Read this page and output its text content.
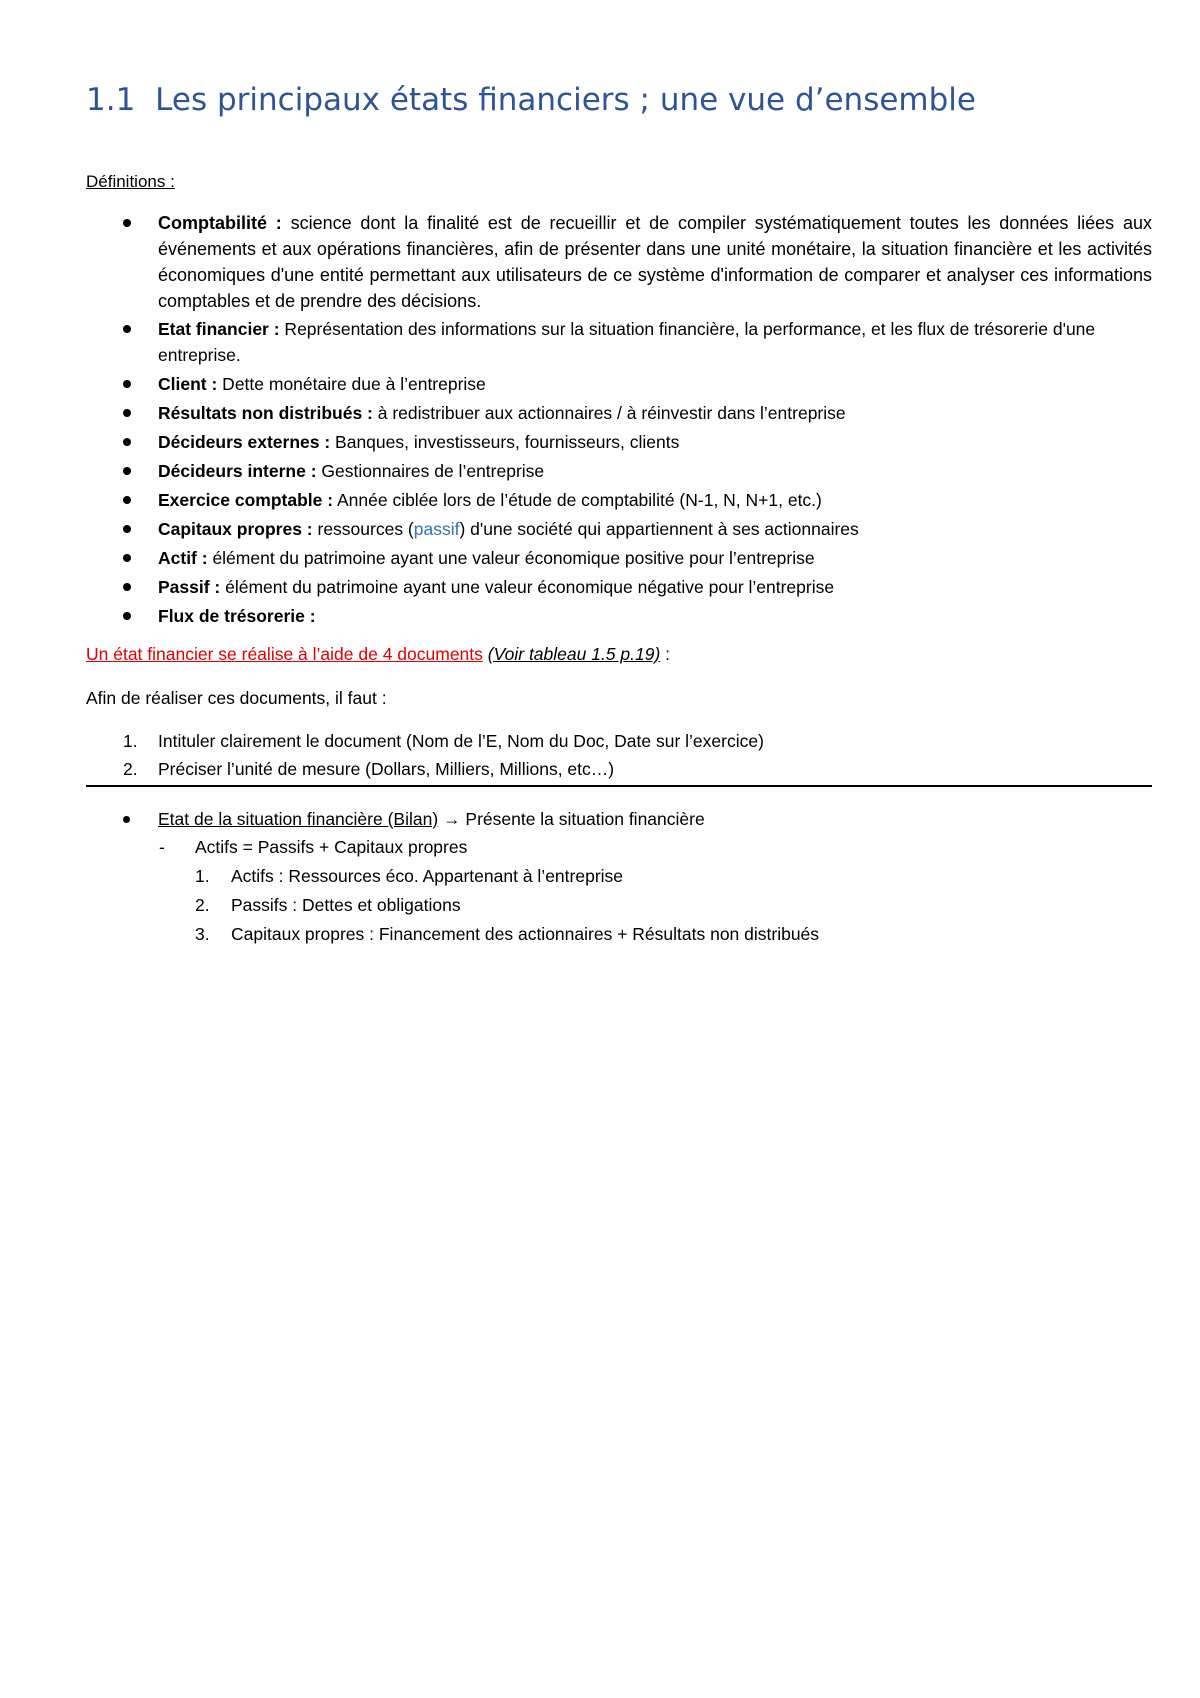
1.1 Les principaux états financiers ; une vue d’ensemble
Définitions :
Comptabilité : science dont la finalité est de recueillir et de compiler systématiquement toutes les données liées aux événements et aux opérations financières, afin de présenter dans une unité monétaire, la situation financière et les activités économiques d'une entité permettant aux utilisateurs de ce système d'information de comparer et analyser ces informations comptables et de prendre des décisions.
Etat financier : Représentation des informations sur la situation financière, la performance, et les flux de trésorerie d'une entreprise.
Client : Dette monétaire due à l’entreprise
Résultats non distribués : à redistribuer aux actionnaires / à réinvestir dans l’entreprise
Décideurs externes : Banques, investisseurs, fournisseurs, clients
Décideurs interne : Gestionnaires de l’entreprise
Exercice comptable : Année ciblée lors de l’étude de comptabilité (N-1, N, N+1, etc.)
Capitaux propres : ressources (passif) d'une société qui appartiennent à ses actionnaires
Actif : élément du patrimoine ayant une valeur économique positive pour l’entreprise
Passif : élément du patrimoine ayant une valeur économique négative pour l’entreprise
Flux de trésorerie :
Un état financier se réalise à l’aide de 4 documents (Voir tableau 1.5 p.19) :
Afin de réaliser ces documents, il faut :
1. Intituler clairement le document (Nom de l’E, Nom du Doc, Date sur l’exercice)
2. Préciser l’unité de mesure (Dollars, Milliers, Millions, etc…)
Etat de la situation financière (Bilan) → Présente la situation financière
- Actifs = Passifs + Capitaux propres
1. Actifs : Ressources éco. Appartenant à l’entreprise
2. Passifs : Dettes et obligations
3. Capitaux propres : Financement des actionnaires + Résultats non distribués
